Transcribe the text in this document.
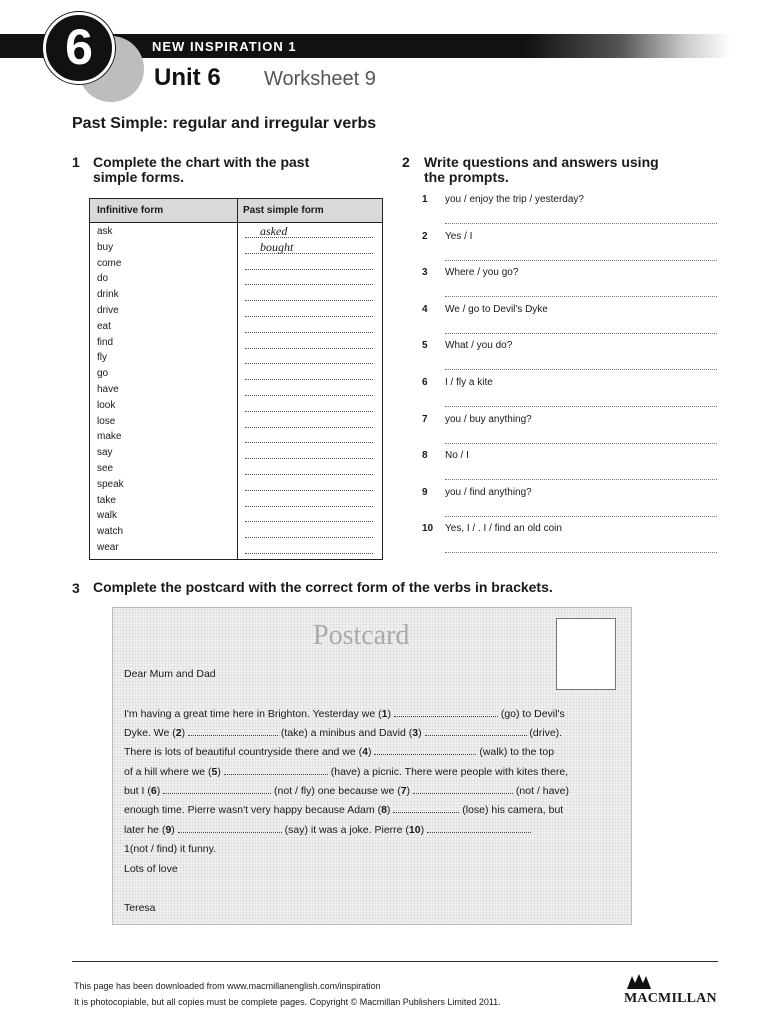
NEW INSPIRATION 1
6
Unit 6 Worksheet 9
Past Simple: regular and irregular verbs
1 Complete the chart with the past
simple forms.
Infinitive form	Past simple form
ask	asked
buy	bought
come
do
drink
drive
eat
find
fly
go
have
look
lose
make
say
see
speak
take
walk
watch
wear
2 Write questions and answers using
the prompts.
1 you / enjoy the trip / yesterday?
2 Yes / I
3 Where / you go?
4 We / go to Devil's Dyke
5 What / you do?
6 I / fly a kite
7 you / buy anything?
8 No / I
9 you / find anything?
10 Yes, I / . I / find an old coin
3 Complete the postcard with the correct form of the verbs in brackets.
Postcard
Dear Mum and Dad
I'm having a great time here in Brighton. Yesterday we (1)	(go) to Devil's
Dyke. We (2)	(take) a minibus and David (3)	(drive).
There is lots of beautiful countryside there and we (4)	(walk) to the top
of a hill where we (5)	(have) a picnic. There were people with kites there,
but I (6)	(not / fly) one because we (7)	(not / have)
enough time. Pierre wasn't very happy because Adam (8)	(lose) his camera, but
later he (9)	(say) it was a joke. Pierre (10)
1(not / find) it funny.
Lots of love
Teresa
This page has been downloaded from www.macmillanenglish.com/inspiration
It is photocopiable, but all copies must be complete pages. Copyright © Macmillan Publishers Limited 2011.	MACMILLAN
